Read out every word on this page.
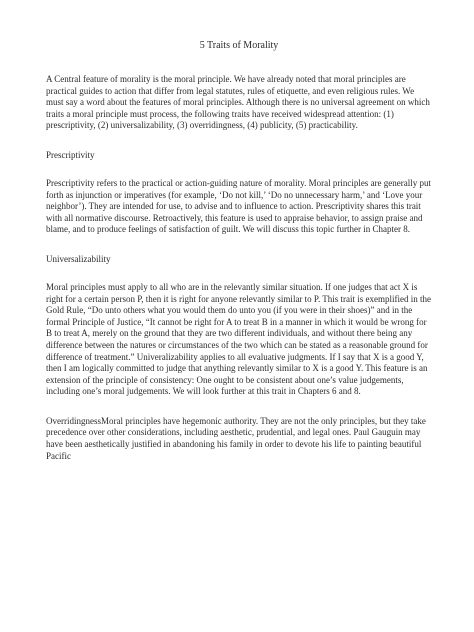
5 Traits of Morality

A Central feature of morality is the moral principle. We have already noted that moral principles are practical guides to action that differ from legal statutes, rules of etiquette, and even religious rules. We must say a word about the features of moral principles. Although there is no universal agreement on which traits a moral principle must process, the following traits have received widespread attention: (1) prescriptivity, (2) universalizability, (3) overridingness, (4) publicity, (5) practicability.

Prescriptivity

Prescriptivity refers to the practical or action-guiding nature of morality. Moral principles are generally put forth as injunction or imperatives (for example, ‘Do not kill,’ ‘Do no unnecessary harm,’ and ‘Love your neighbor’). They are intended for use, to advise and to influence to action. Prescriptivity shares this trait with all normative discourse. Retroactively, this feature is used to appraise behavior, to assign praise and blame, and to produce feelings of satisfaction of guilt. We will discuss this topic further in Chapter 8.

Universalizability

Moral principles must apply to all who are in the relevantly similar situation. If one judges that act X is right for a certain person P, then it is right for anyone relevantly similar to P. This trait is exemplified in the Gold Rule, “Do unto others what you would them do unto you (if you were in their shoes)” and in the formal Principle of Justice, “It cannot be right for A to treat B in a manner in which it would be wrong for B to treat A, merely on the ground that they are two different individuals, and without there being any difference between the natures or circumstances of the two which can be stated as a reasonable ground for difference of treatment.” Univeralizability applies to all evaluative judgments. If I say that X is a good Y, then I am logically committed to judge that anything relevantly similar to X is a good Y. This feature is an extension of the principle of consistency: One ought to be consistent about one’s value judgements, including one’s moral judgements. We will look further at this trait in Chapters 6 and 8.

OverridingnessMoral principles have hegemonic authority. They are not the only principles, but they take precedence over other considerations, including aesthetic, prudential, and legal ones. Paul Gauguin may have been aesthetically justified in abandoning his family in order to devote his life to painting beautiful Pacific
